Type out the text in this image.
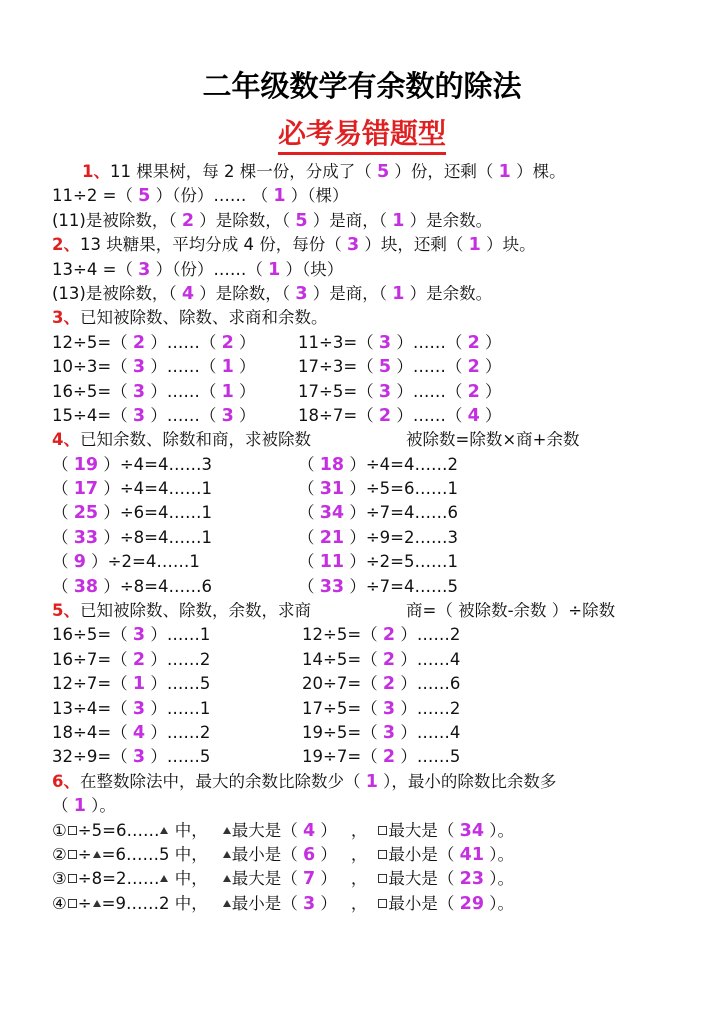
二年级数学有余数的除法
必考易错题型
1、11 棵果树，每 2 棵一份，分成了（ 5 ）份，还剩（ 1 ）棵。
11÷2 =（ 5 ）（份）…… （ 1 ）（棵）
(11)是被除数，（ 2 ）是除数，（ 5 ）是商，（ 1 ）是余数。
2、13 块糖果，平均分成 4 份，每份（ 3 ）块，还剩（ 1 ）块。
13÷4 =（ 3 ）（份）……（ 1 ）（块）
(13)是被除数，（ 4 ）是除数，（ 3 ）是商，（ 1 ）是余数。
3、已知被除数、除数、求商和余数。
12÷5=（ 2 ）……（ 2 ）	11÷3=（ 3 ）……（ 2 ）
10÷3=（ 3 ）……（ 1 ）	17÷3=（ 5 ）……（ 2 ）
16÷5=（ 3 ）……（ 1 ）	17÷5=（ 3 ）……（ 2 ）
15÷4=（ 3 ）……（ 3 ）	18÷7=（ 2 ）……（ 4 ）
4、已知余数、除数和商，求被除数	被除数=除数×商+余数
（ 19 ）÷4=4……3	（ 18 ）÷4=4……2
（ 17 ）÷4=4……1	（ 31 ）÷5=6……1
（ 25 ）÷6=4……1	（ 34 ）÷7=4……6
（ 33 ）÷8=4……1	（ 21 ）÷9=2……3
（ 9 ）÷2=4……1	（ 11 ）÷2=5……1
（ 38 ）÷8=4……6	（ 33 ）÷7=4……5
5、已知被除数、除数，余数，求商	商=（ 被除数-余数 ）÷除数
16÷5=（ 3 ）……1	12÷5=（ 2 ）……2
16÷7=（ 2 ）……2	14÷5=（ 2 ）……4
12÷7=（ 1 ）……5	20÷7=（ 2 ）……6
13÷4=（ 3 ）……1	17÷5=（ 3 ）……2
18÷4=（ 4 ）……2	19÷5=（ 3 ）……4
32÷9=（ 3 ）……5	19÷7=（ 2 ）……5
6、在整数除法中，最大的余数比除数少（ 1 ），最小的除数比余数多
（ 1 ）。
① ÷5=6…… 中， 最大是（ 4 ） ， 最大是（ 34 ）。
② ÷ =6……5 中， 最小是（ 6 ） ， 最小是（ 41 ）。
③ ÷8=2…… 中， 最大是（ 7 ） ， 最大是（ 23 ）。
④ ÷ =9……2 中， 最小是（ 3 ） ， 最小是（ 29 ）。
